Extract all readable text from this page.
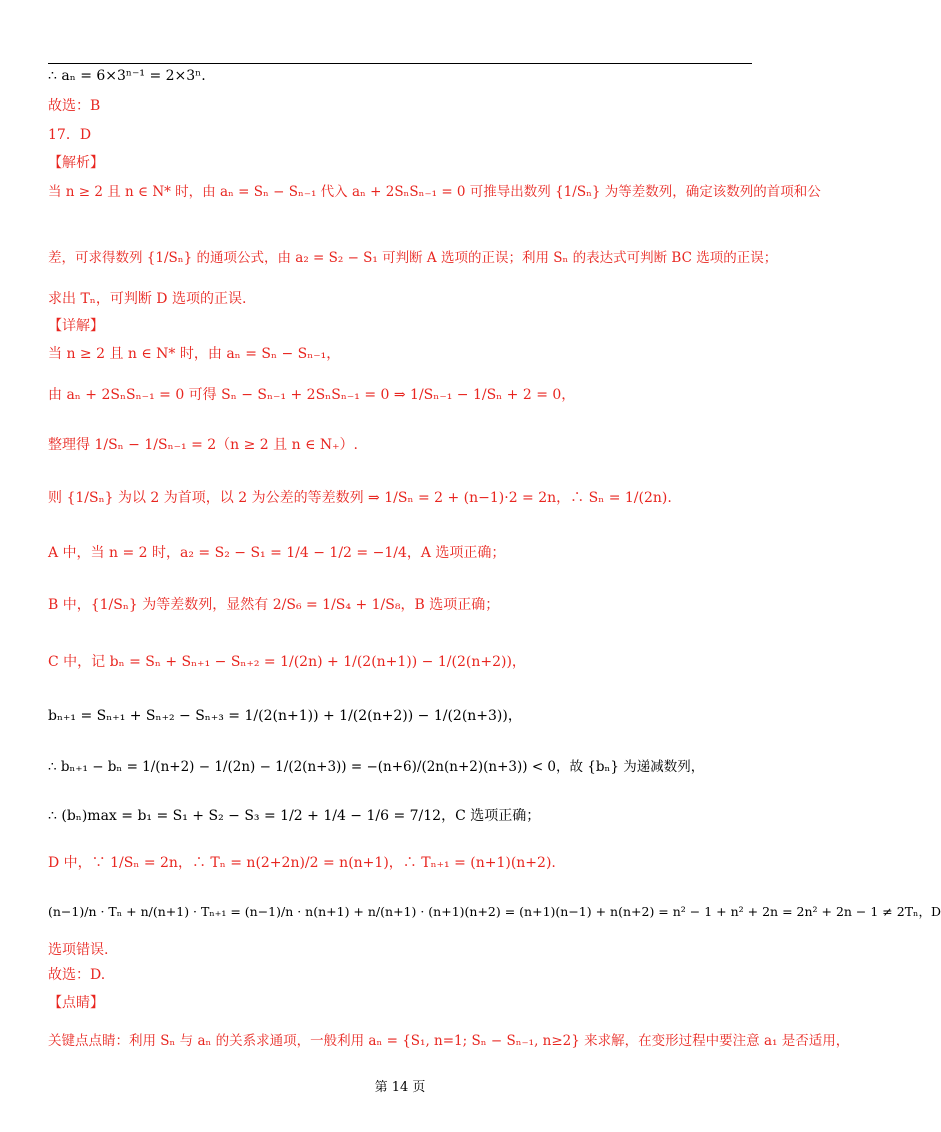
∴ aₙ = 6×3ⁿ⁻¹ = 2×3ⁿ.
故选：B
17．D
【解析】
当 n ≥ 2 且 n ∈ N* 时，由 aₙ = Sₙ − Sₙ₋₁ 代入 aₙ + 2SₙSₙ₋₁ = 0 可推导出数列 {1/Sₙ} 为等差数列，确定该数列的首项和公
差，可求得数列 {1/Sₙ} 的通项公式，由 a₂ = S₂ − S₁ 可判断 A 选项的正误；利用 Sₙ 的表达式可判断 BC 选项的正误；
求出 Tₙ，可判断 D 选项的正误.
【详解】
当 n ≥ 2 且 n ∈ N* 时，由 aₙ = Sₙ − Sₙ₋₁，
由 aₙ + 2SₙSₙ₋₁ = 0 可得 Sₙ − Sₙ₋₁ + 2SₙSₙ₋₁ = 0 ⇒ 1/Sₙ₋₁ − 1/Sₙ + 2 = 0，
整理得 1/Sₙ − 1/Sₙ₋₁ = 2（n ≥ 2 且 n ∈ N₊）.
则 {1/Sₙ} 为以 2 为首项，以 2 为公差的等差数列 ⇒ 1/Sₙ = 2 + (n−1)·2 = 2n，∴ Sₙ = 1/(2n).
A 中，当 n = 2 时，a₂ = S₂ − S₁ = 1/4 − 1/2 = −1/4，A 选项正确；
B 中，{1/Sₙ} 为等差数列，显然有 2/S₆ = 1/S₄ + 1/S₈，B 选项正确；
C 中，记 bₙ = Sₙ + Sₙ₊₁ − Sₙ₊₂ = 1/(2n) + 1/(2(n+1)) − 1/(2(n+2))，
bₙ₊₁ = Sₙ₊₁ + Sₙ₊₂ − Sₙ₊₃ = 1/(2(n+1)) + 1/(2(n+2)) − 1/(2(n+3))，
∴ bₙ₊₁ − bₙ = 1/(n+2) − 1/(2n) − 1/(2(n+3)) = −(n+6)/(2n(n+2)(n+3)) < 0，故 {bₙ} 为递减数列，
∴ (bₙ)max = b₁ = S₁ + S₂ − S₃ = 1/2 + 1/4 − 1/6 = 7/12，C 选项正确；
D 中，∵ 1/Sₙ = 2n，∴ Tₙ = n(2+2n)/2 = n(n+1)，∴ Tₙ₊₁ = (n+1)(n+2).
(n−1)/n · Tₙ + n/(n+1) · Tₙ₊₁ = (n−1)/n · n(n+1) + n/(n+1) · (n+1)(n+2) = (n+1)(n−1) + n(n+2) = n² − 1 + n² + 2n = 2n² + 2n − 1 ≠ 2Tₙ，D
选项错误.
故选：D.
【点睛】
关键点点睛：利用 Sₙ 与 aₙ 的关系求通项，一般利用 aₙ = {S₁, n=1; Sₙ − Sₙ₋₁, n≥2} 来求解，在变形过程中要注意 a₁ 是否适用，
第 14 页
